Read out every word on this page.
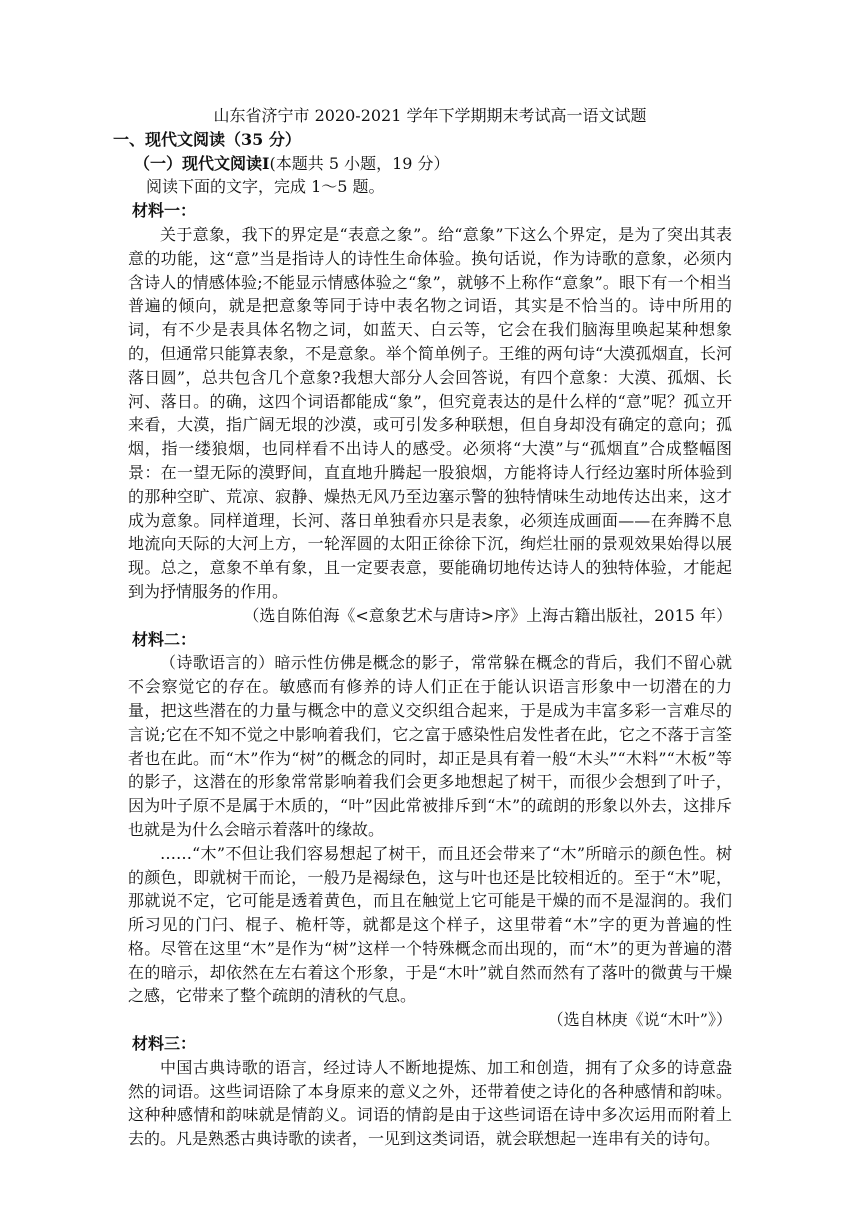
山东省济宁市 2020-2021 学年下学期期末考试高一语文试题

一、现代文阅读（35 分）

（一）现代文阅读Ⅰ(本题共 5 小题，19 分）

阅读下面的文字，完成 1～5 题。

材料一：

关于意象，我下的界定是“表意之象”。给“意象”下这么个界定，是为了突出其表意的功能，这“意”当是指诗人的诗性生命体验。换句话说，作为诗歌的意象，必须内含诗人的情感体验;不能显示情感体验之“象”，就够不上称作“意象”。眼下有一个相当普遍的倾向，就是把意象等同于诗中表名物之词语，其实是不恰当的。诗中所用的词，有不少是表具体名物之词，如蓝天、白云等，它会在我们脑海里唤起某种想象的，但通常只能算表象，不是意象。举个简单例子。王维的两句诗“大漠孤烟直，长河落日圆”，总共包含几个意象?我想大部分人会回答说，有四个意象：大漠、孤烟、长河、落日。的确，这四个词语都能成“象”，但究竟表达的是什么样的“意”呢？孤立开来看，大漠，指广阔无垠的沙漠，或可引发多种联想，但自身却没有确定的意向；孤烟，指一缕狼烟，也同样看不出诗人的感受。必须将“大漠”与“孤烟直”合成整幅图景：在一望无际的漠野间，直直地升腾起一股狼烟，方能将诗人行经边塞时所体验到的那种空旷、荒凉、寂静、燥热无风乃至边塞示警的独特情味生动地传达出来，这才成为意象。同样道理，长河、落日单独看亦只是表象，必须连成画面——在奔腾不息地流向天际的大河上方，一轮浑圆的太阳正徐徐下沉，绚烂壮丽的景观效果始得以展现。总之，意象不单有象，且一定要表意，要能确切地传达诗人的独特体验，才能起到为抒情服务的作用。

（选自陈伯海《<意象艺术与唐诗>序》上海古籍出版社，2015 年）

材料二：

（诗歌语言的）暗示性仿佛是概念的影子，常常躲在概念的背后，我们不留心就不会察觉它的存在。敏感而有修养的诗人们正在于能认识语言形象中一切潜在的力量，把这些潜在的力量与概念中的意义交织组合起来，于是成为丰富多彩一言难尽的言说;它在不知不觉之中影响着我们，它之富于感染性启发性者在此，它之不落于言筌者也在此。而“木”作为“树”的概念的同时，却正是具有着一般“木头”“木料”“木板”等的影子，这潜在的形象常常影响着我们会更多地想起了树干，而很少会想到了叶子，因为叶子原不是属于木质的，“叶”因此常被排斥到“木”的疏朗的形象以外去，这排斥也就是为什么会暗示着落叶的缘故。

……“木”不但让我们容易想起了树干，而且还会带来了“木”所暗示的颜色性。树的颜色，即就树干而论，一般乃是褐绿色，这与叶也还是比较相近的。至于“木”呢，那就说不定，它可能是透着黄色，而且在触觉上它可能是干燥的而不是湿润的。我们所习见的门闩、棍子、桅杆等，就都是这个样子，这里带着“木”字的更为普遍的性格。尽管在这里“木”是作为“树”这样一个特殊概念而出现的，而“木”的更为普遍的潜在的暗示，却依然在左右着这个形象，于是“木叶”就自然而然有了落叶的微黄与干燥之感，它带来了整个疏朗的清秋的气息。

（选自林庚《说“木叶”》）

材料三：

中国古典诗歌的语言，经过诗人不断地提炼、加工和创造，拥有了众多的诗意盎然的词语。这些词语除了本身原来的意义之外，还带着使之诗化的各种感情和韵味。这种种感情和韵味就是情韵义。词语的情韵是由于这些词语在诗中多次运用而附着上去的。凡是熟悉古典诗歌的读者，一见到这类词语，就会联想起一连串有关的诗句。
